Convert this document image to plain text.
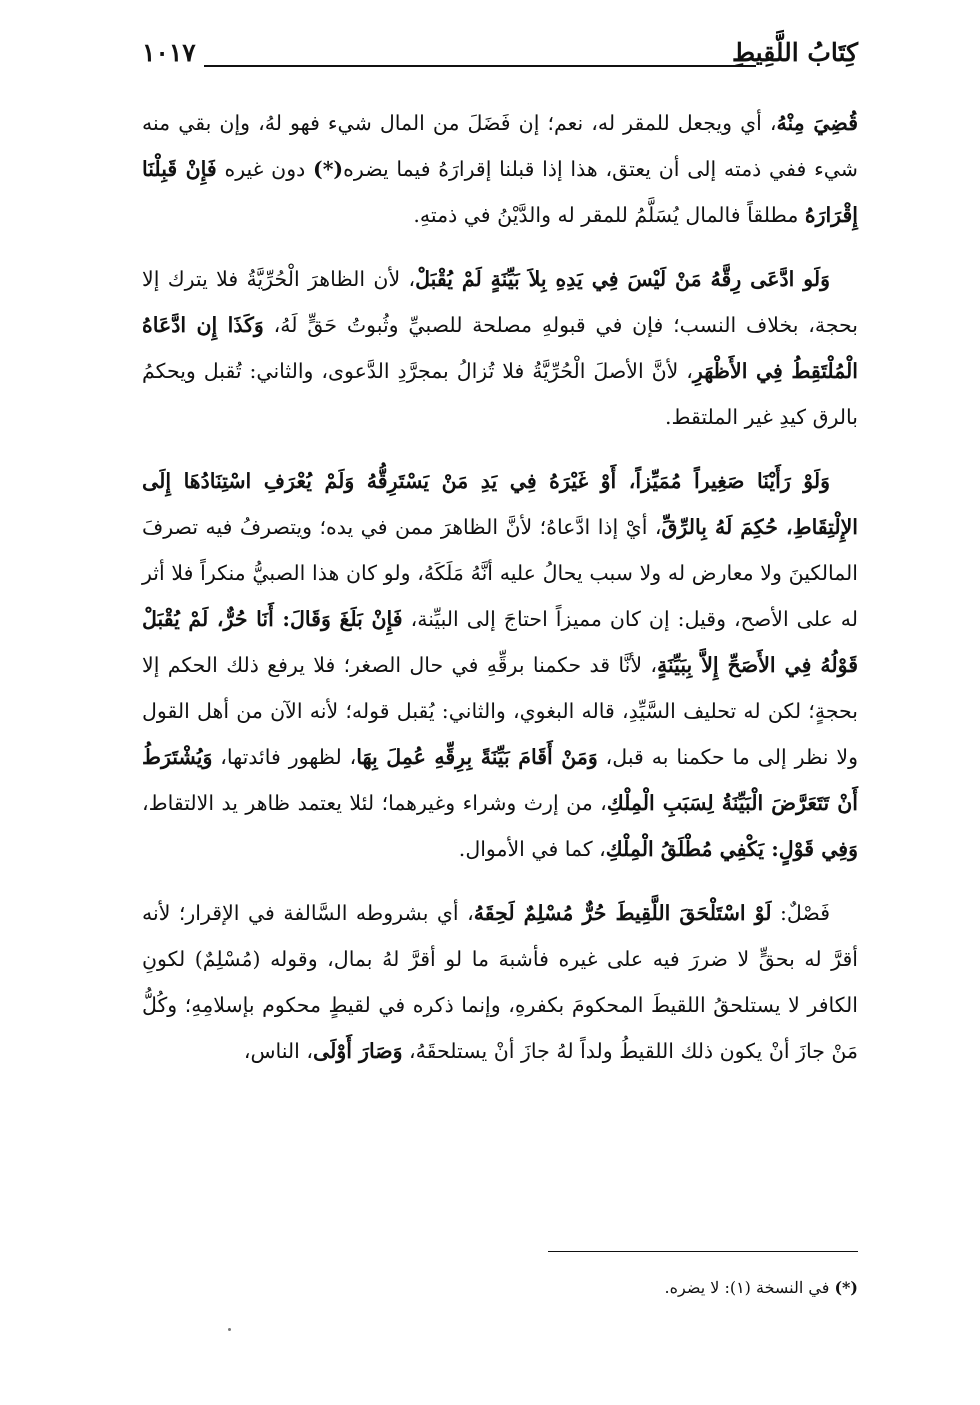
كِتَابُ اللَّقِيطِ
١٠١٧

قُضِيَ مِنْهُ، أي ويجعل للمقر له، نعم؛ إن فَضَلَ من المال شيء فهو لهُ، وإن بقي منه شيء ففي ذمته إلى أن يعتق، هذا إذا قبلنا إقرارَهُ فيما يضره(*) دون غيره فَإِنْ قَبِلْنَا إِقْرَارَهُ مطلقاً فالمال يُسَلَّمُ للمقر له والدَّيْنُ في ذمتهِ.

وَلَو ادَّعَى رِقَّهُ مَنْ لَيْسَ فِي يَدِهِ بِلاَ بَيِّنَةٍ لَمْ يُقْبَلْ، لأن الظاهرَ الْحُرِّيَّةُ فلا يترك إلا بحجة، بخلاف النسب؛ فإن في قبولهِ مصلحة للصبيِّ وثُبوتُ حَقٍّ لَهُ، وَكَذَا إِن ادَّعَاهُ الْمُلْتَقِطُ فِي الأَظْهَرِ، لأنَّ الأصلَ الْحُرِّيَّةُ فلا تُزالُ بمجرَّدِ الدَّعوى، والثاني: تُقبل ويحكمُ بالرق كيدِ غير الملتقط.

وَلَوْ رَأَيْنَا صَغِيراً مُمَيِّزاً، أَوْ غَيْرَهُ فِي يَدِ مَنْ يَسْتَرِقُّهُ وَلَمْ يُعْرَفِ اسْتِنَادُهَا إِلَى الإِلْتِقَاطِ، حُكِمَ لَهُ بِالرِّقِّ، أيْ إذا ادَّعاهُ؛ لأنَّ الظاهرَ ممن في يده؛ ويتصرفُ فيه تصرفَ المالكينَ ولا معارض له ولا سبب يحالُ عليه أنَّهُ مَلَكَهُ، ولو كان هذا الصبيُّ منكراً فلا أثر له على الأصح، وقيل: إن كان مميزاً احتاجَ إلى البيِّنة، فَإِنْ بَلَغَ وَقَالَ: أَنَا حُرٌّ، لَمْ يُقْبَلْ قَوْلُهُ فِي الأَصَحِّ إِلاَّ بِبَيِّنَةٍ، لأنَّا قد حكمنا برقِّهِ في حال الصغر؛ فلا يرفع ذلك الحكم إلا بحجةٍ؛ لكن له تحليف السَّيِّدِ، قاله البغوي، والثاني: يُقبل قوله؛ لأنه الآن من أهل القول ولا نظر إلى ما حكمنا به قبل، وَمَنْ أَقَامَ بَيِّنَةً بِرِقِّهِ عُمِلَ بِهَا، لظهور فائدتها، وَيُشْتَرَطُ أَنْ تَتَعَرَّضَ الْبَيِّنَةُ لِسَبَبِ الْمِلْكِ، من إرث وشراء وغيرهما؛ لئلا يعتمد ظاهر يد الالتقاط، وَفِي قَوْلٍ: يَكْفِي مُطْلَقُ الْمِلْكِ، كما في الأموال.

فَصْلٌ: لَوْ اسْتَلْحَقَ اللَّقِيطَ حُرٌّ مُسْلِمٌ لَحِقَهُ، أي بشروطه السَّالفة في الإقرار؛ لأنه أقرَّ له بحقٍّ لا ضررَ فيه على غيره فأشبهَ ما لو أقرَّ لهُ بمال، وقوله (مُسْلِمٌ) لكونِ الكافر لا يستلحقُ اللقيطَ المحكومَ بكفرهِ، وإنما ذكره في لقيطٍ محكوم بإسلامِهِ؛ وكُلُّ مَنْ جازَ أنْ يكون ذلك اللقيطُ ولداً لهُ جازَ أنْ يستلحقَهُ، وَصَارَ أَوْلَى، الناس،

(*) في النسخة (١): لا يضره.
